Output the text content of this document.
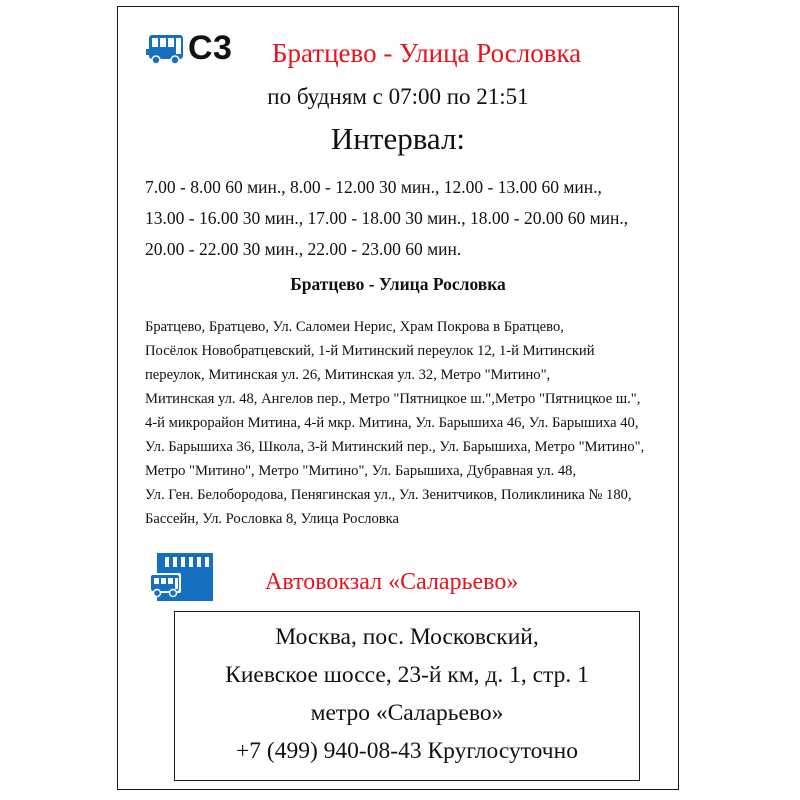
С3 Братцево - Улица Рословка
по будням с 07:00 по 21:51
Интервал:
7.00 - 8.00 60 мин., 8.00 - 12.00 30 мин., 12.00 - 13.00 60 мин.,
13.00 - 16.00 30 мин., 17.00 - 18.00 30 мин., 18.00 - 20.00 60 мин.,
20.00 - 22.00 30 мин., 22.00 - 23.00 60 мин.
Братцево - Улица Рословка
Братцево, Братцево, Ул. Саломеи Нерис, Храм Покрова в Братцево,
Посёлок Новобратцевский, 1-й Митинский переулок 12, 1-й Митинский
переулок, Митинская ул. 26, Митинская ул. 32, Метро "Митино",
Митинская ул. 48, Ангелов пер., Метро "Пятницкое ш.",Метро "Пятницкое ш.",
4-й микрорайон Митина, 4-й мкр. Митина, Ул. Барышиха 46, Ул. Барышиха 40,
Ул. Барышиха 36, Школа, 3-й Митинский пер., Ул. Барышиха, Метро "Митино",
Метро "Митино", Метро "Митино", Ул. Барышиха, Дубравная ул. 48,
Ул. Ген. Белобородова, Пенягинская ул., Ул. Зенитчиков, Поликлиника № 180,
Бассейн, Ул. Рословка 8, Улица Рословка
Автовокзал «Саларьево»
Москва, пос. Московский,
Киевское шоссе, 23-й км, д. 1, стр. 1
метро «Саларьево»
+7 (499) 940-08-43 Круглосуточно
